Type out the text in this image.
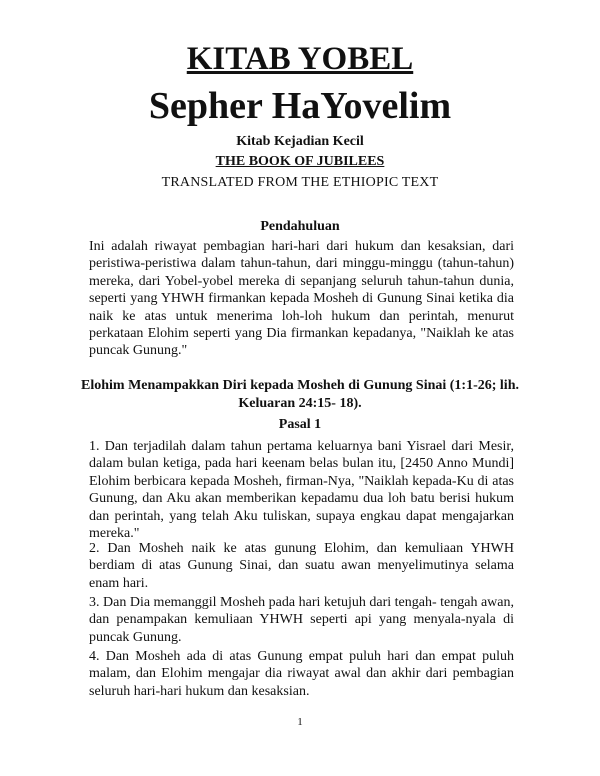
KITAB YOBEL
Sepher HaYovelim
Kitab Kejadian Kecil
THE BOOK OF JUBILEES
TRANSLATED FROM THE ETHIOPIC TEXT
Pendahuluan
Ini adalah riwayat pembagian hari-hari dari hukum dan kesaksian, dari peristiwa-peristiwa dalam tahun-tahun, dari minggu-minggu (tahun-tahun) mereka, dari Yobel-yobel mereka di sepanjang seluruh tahun-tahun dunia, seperti yang YHWH firmankan kepada Mosheh di Gunung Sinai ketika dia naik ke atas untuk menerima loh-loh hukum dan perintah, menurut perkataan Elohim seperti yang Dia firmankan kepadanya, "Naiklah ke atas puncak Gunung."
Elohim Menampakkan Diri kepada Mosheh di Gunung Sinai (1:1-26; lih. Keluaran 24:15- 18).
Pasal 1
1. Dan terjadilah dalam tahun pertama keluarnya bani Yisrael dari Mesir, dalam bulan ketiga, pada hari keenam belas bulan itu, [2450 Anno Mundi] Elohim berbicara kepada Mosheh, firman-Nya, "Naiklah kepada-Ku di atas Gunung, dan Aku akan memberikan kepadamu dua loh batu berisi hukum dan perintah, yang telah Aku tuliskan, supaya engkau dapat mengajarkan mereka."
2. Dan Mosheh naik ke atas gunung Elohim, dan kemuliaan YHWH berdiam di atas Gunung Sinai, dan suatu awan menyelimutinya selama enam hari.
3. Dan Dia memanggil Mosheh pada hari ketujuh dari tengah- tengah awan, dan penampakan kemuliaan YHWH seperti api yang menyala-nyala di puncak Gunung.
4. Dan Mosheh ada di atas Gunung empat puluh hari dan empat puluh malam, dan Elohim mengajar dia riwayat awal dan akhir dari pembagian seluruh hari-hari hukum dan kesaksian.
1
